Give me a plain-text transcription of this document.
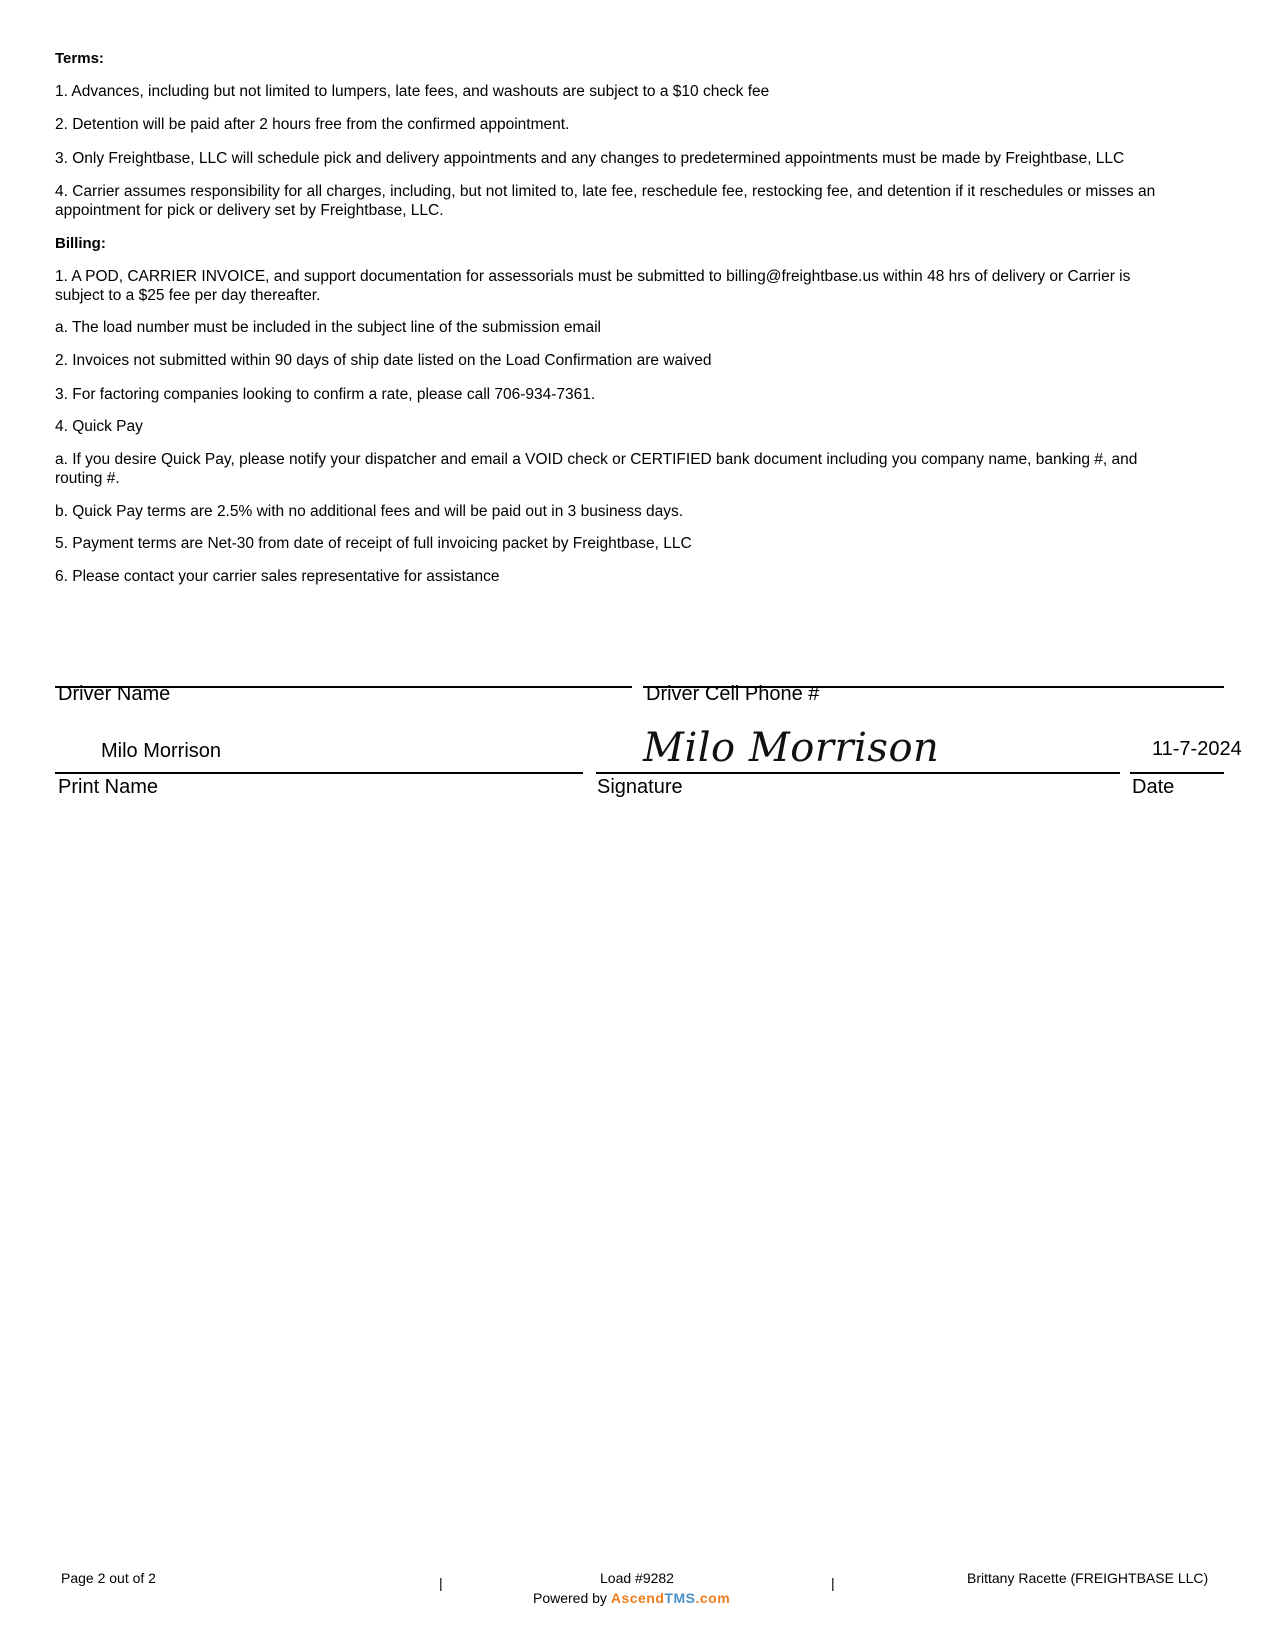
Terms:

1. Advances, including but not limited to lumpers, late fees, and washouts are subject to a $10 check fee

2. Detention will be paid after 2 hours free from the confirmed appointment.

3. Only Freightbase, LLC will schedule pick and delivery appointments and any changes to predetermined appointments must be made by Freightbase, LLC

4. Carrier assumes responsibility for all charges, including, but not limited to, late fee, reschedule fee, restocking fee, and detention if it reschedules or misses an appointment for pick or delivery set by Freightbase, LLC.

Billing:

1. A POD, CARRIER INVOICE, and support documentation for assessorials must be submitted to billing@freightbase.us within 48 hrs of delivery or Carrier is subject to a $25 fee per day thereafter.

a. The load number must be included in the subject line of the submission email

2. Invoices not submitted within 90 days of ship date listed on the Load Confirmation are waived

3. For factoring companies looking to confirm a rate, please call 706-934-7361.

4. Quick Pay

a. If you desire Quick Pay, please notify your dispatcher and email a VOID check or CERTIFIED bank document including you company name, banking #, and routing #.

b. Quick Pay terms are 2.5% with no additional fees and will be paid out in 3 business days.

5. Payment terms are Net-30 from date of receipt of full invoicing packet by Freightbase, LLC

6. Please contact your carrier sales representative for assistance

Driver Name	Driver Cell Phone #
Milo Morrison	Milo Morrison	11-7-2024
Print Name	Signature	Date
Page 2 out of 2	|	Load #9282
Powered by AscendTMS.com
|	Brittany Racette (FREIGHTBASE LLC)
